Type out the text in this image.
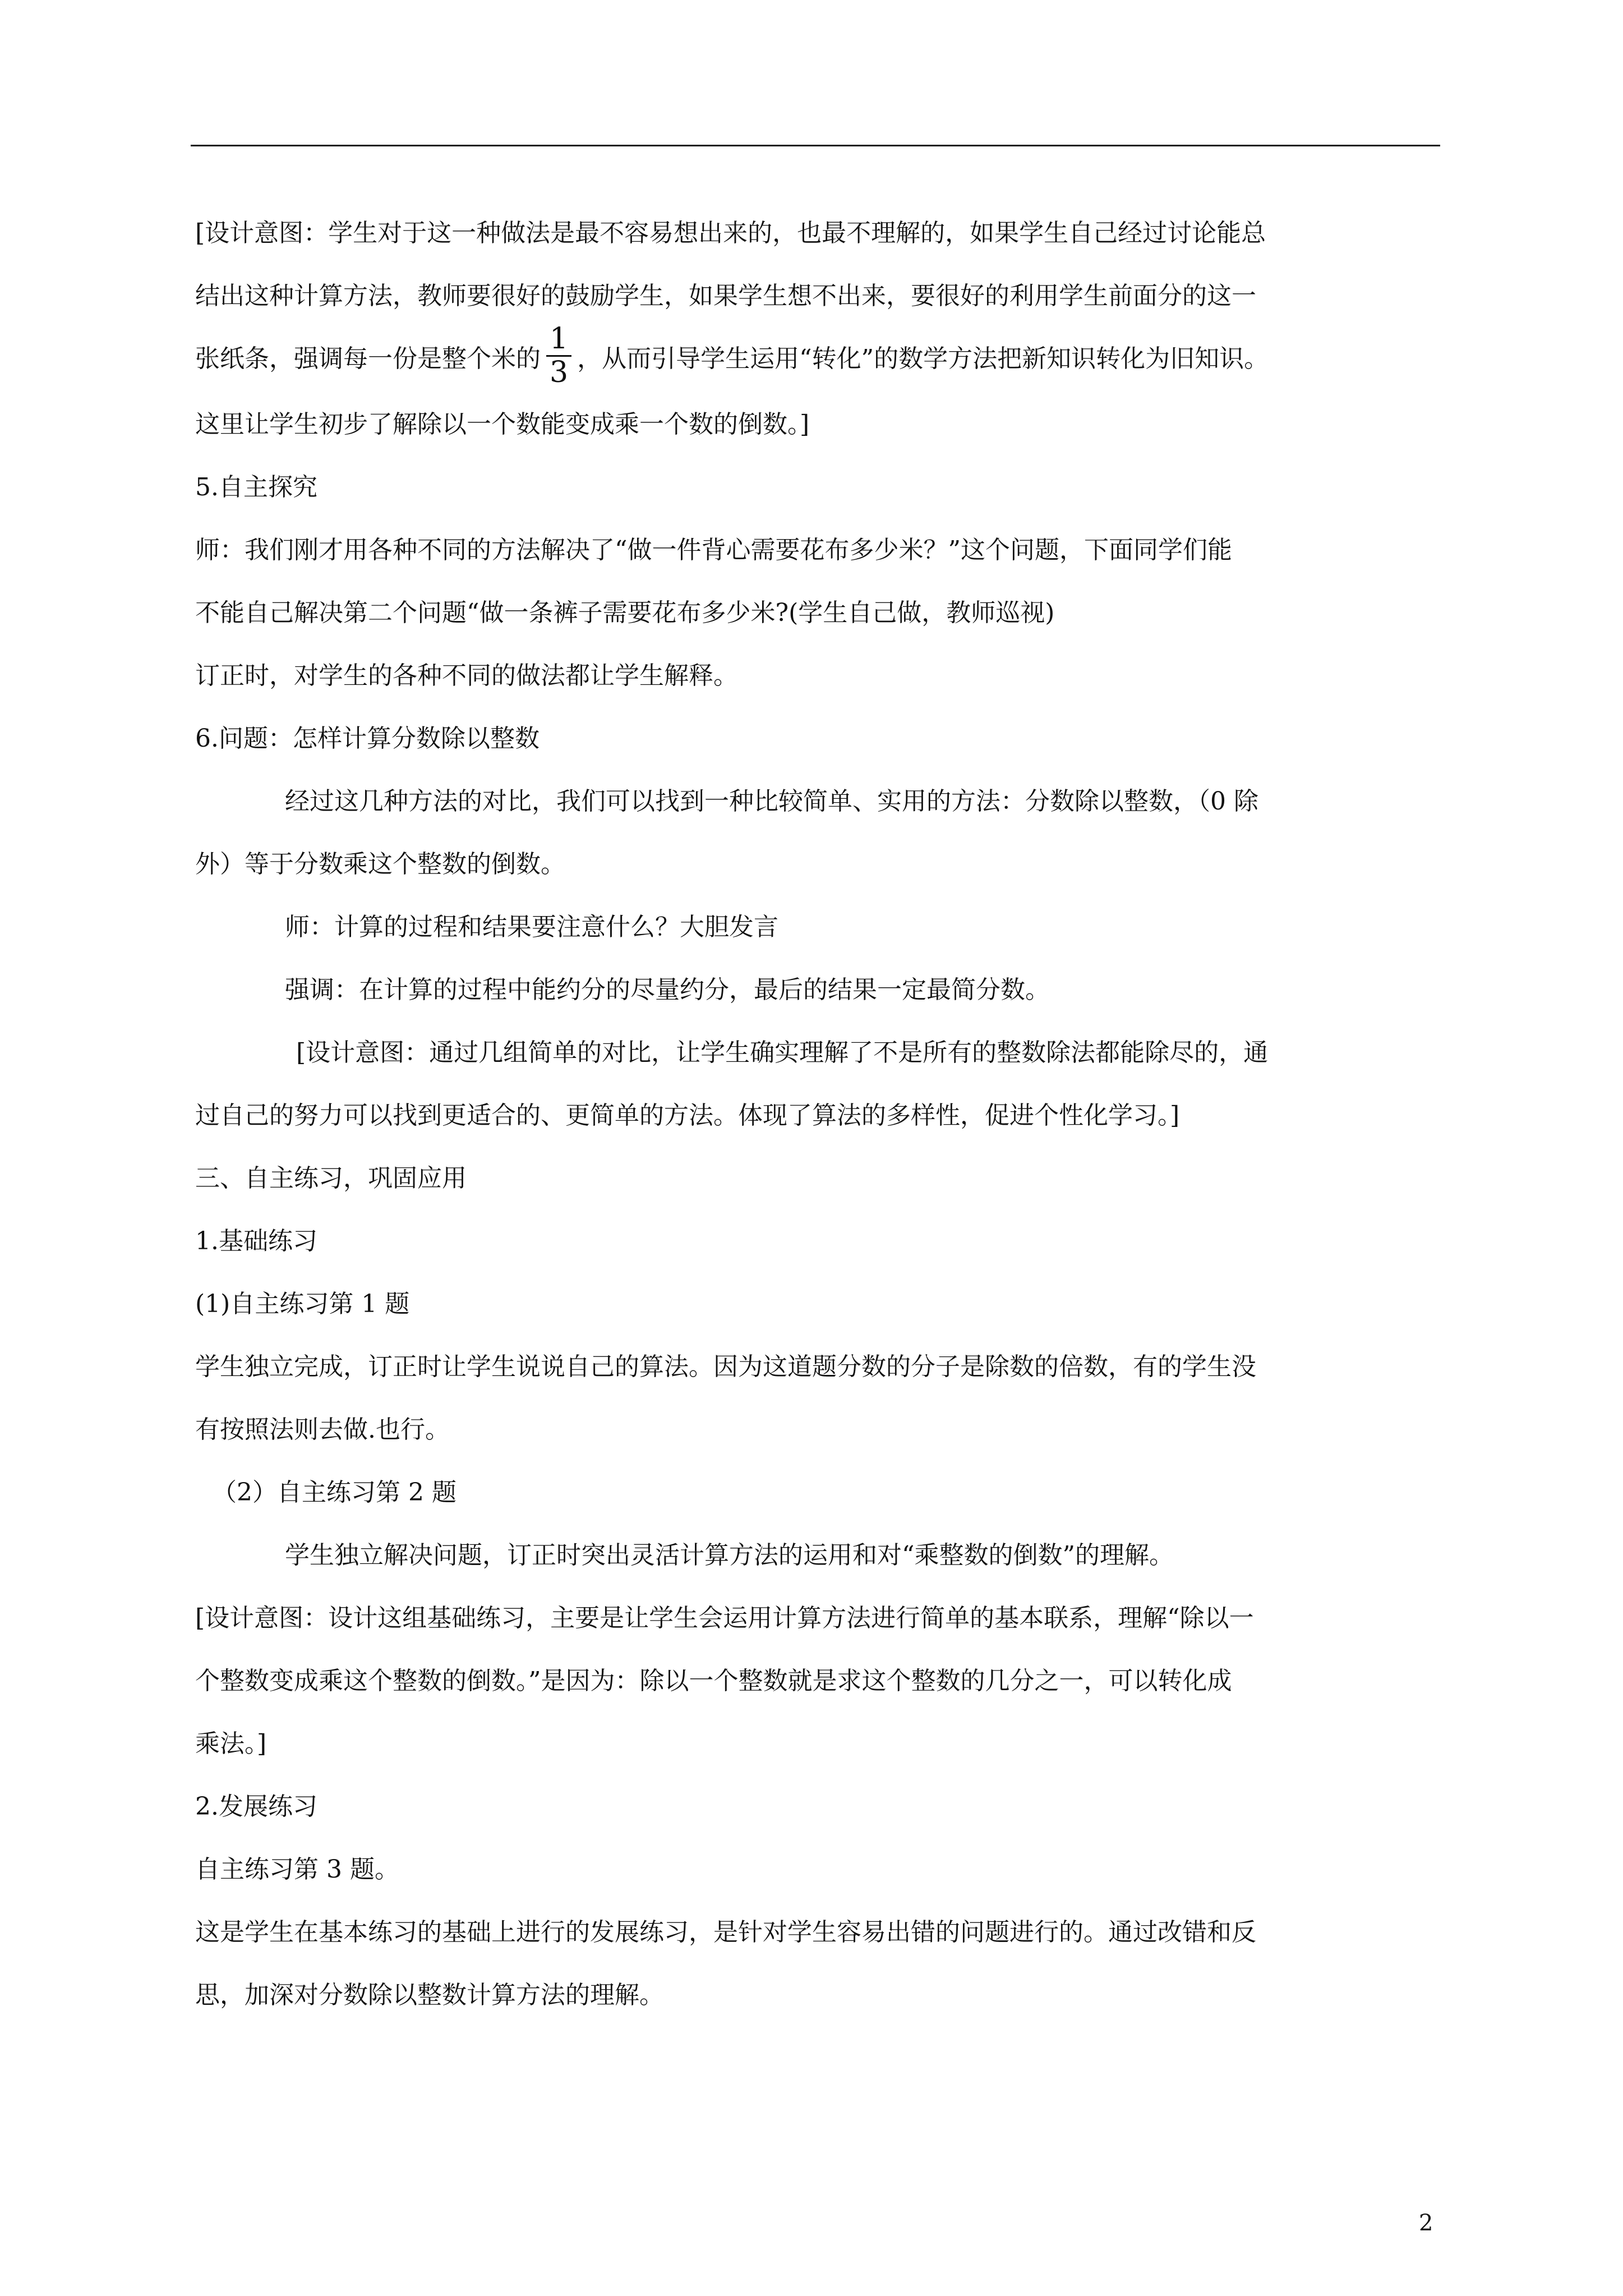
[设计意图：学生对于这一种做法是最不容易想出来的，也最不理解的，如果学生自己经过讨论能总
结出这种计算方法，教师要很好的鼓励学生，如果学生想不出来，要很好的利用学生前面分的这一
张纸条，强调每一份是整个米的 $\frac{1}{3}$ ，从而引导学生运用“转化”的数学方法把新知识转化为旧知识。
这里让学生初步了解除以一个数能变成乘一个数的倒数。]
5.自主探究
师：我们刚才用各种不同的方法解决了“做一件背心需要花布多少米？”这个问题，下面同学们能
不能自己解决第二个问题“做一条裤子需要花布多少米?(学生自己做，教师巡视)
订正时，对学生的各种不同的做法都让学生解释。
6.问题：怎样计算分数除以整数
经过这几种方法的对比，我们可以找到一种比较简单、实用的方法：分数除以整数，（0 除
外）等于分数乘这个整数的倒数。
师：计算的过程和结果要注意什么？大胆发言
强调：在计算的过程中能约分的尽量约分，最后的结果一定最简分数。
[设计意图：通过几组简单的对比，让学生确实理解了不是所有的整数除法都能除尽的，通
过自己的努力可以找到更适合的、更简单的方法。体现了算法的多样性，促进个性化学习。]
三、自主练习，巩固应用
1.基础练习
(1)自主练习第 1 题
学生独立完成，订正时让学生说说自己的算法。因为这道题分数的分子是除数的倍数，有的学生没
有按照法则去做.也行。
（2）自主练习第 2 题
学生独立解决问题，订正时突出灵活计算方法的运用和对“乘整数的倒数”的理解。
[设计意图：设计这组基础练习，主要是让学生会运用计算方法进行简单的基本联系，理解“除以一
个整数变成乘这个整数的倒数。”是因为：除以一个整数就是求这个整数的几分之一，可以转化成
乘法。]
2.发展练习
自主练习第 3 题。
这是学生在基本练习的基础上进行的发展练习，是针对学生容易出错的问题进行的。通过改错和反
思，加深对分数除以整数计算方法的理解。
2
